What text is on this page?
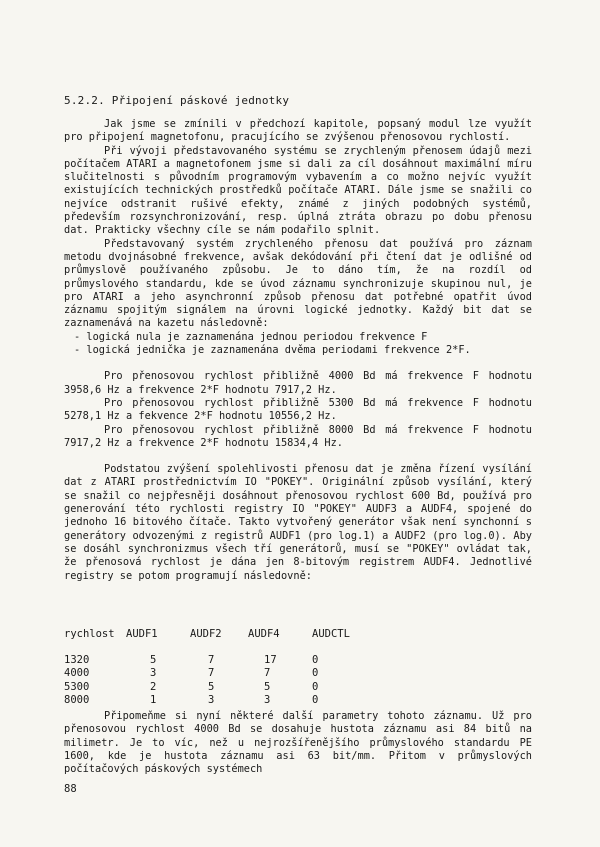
5.2.2. Připojení páskové jednotky

Jak jsme se zmínili v předchozí kapitole, popsaný modul lze využít pro připojení magnetofonu, pracujícího se zvýšenou přenosovou rychlostí.

Při vývoji představovaného systému se zrychleným přenosem údajů mezi počítačem ATARI a magnetofonem jsme si dali za cíl dosáhnout maximální míru slučitelnosti s původním programovým vybavením a co možno nejvíc využít existujících technických prostředků počítače ATARI. Dále jsme se snažili co nejvíce odstranit rušivé efekty, známé z jiných podobných systémů, především rozsynchronizování, resp. úplná ztráta obrazu po dobu přenosu dat. Prakticky všechny cíle se nám podařilo splnit.

Představovaný systém zrychleného přenosu dat používá pro záznam metodu dvojnásobné frekvence, avšak dekódování při čtení dat je odlišné od průmyslově používaného způsobu. Je to dáno tím, že na rozdíl od průmyslového standardu, kde se úvod záznamu synchronizuje skupinou nul, je pro ATARI a jeho asynchronní způsob přenosu dat potřebné opatřit úvod záznamu spojitým signálem na úrovni logické jednotky. Každý bit dat se zaznamenává na kazetu následovně:

- logická nula je zaznamenána jednou periodou frekvence F
- logická jednička je zaznamenána dvěma periodami frekvence 2*F.

Pro přenosovou rychlost přibližně 4000 Bd má frekvence F hodnotu 3958,6 Hz a frekvence 2*F hodnotu 7917,2 Hz.

Pro přenosovou rychlost přibližně 5300 Bd má frekvence F hodnotu 5278,1 Hz a fekvence 2*F hodnotu 10556,2 Hz.

Pro přenosovou rychlost přibližně 8000 Bd má frekvence F hodnotu 7917,2 Hz a frekvence 2*F hodnotu 15834,4 Hz.

Podstatou zvýšení spolehlivosti přenosu dat je změna řízení vysílání dat z ATARI prostřednictvím IO "POKEY". Originální způsob vysílání, který se snažil co nejpřesněji dosáhnout přenosovou rychlost 600 Bd, používá pro generování této rychlosti registry IO "POKEY" AUDF3 a AUDF4, spojené do jednoho 16 bitového čítače. Takto vytvořený generátor však není synchonní s generátory odvozenými z registrů AUDF1 (pro log.1) a AUDF2 (pro log.0). Aby se dosáhl synchronizmus všech tří generátorů, musí se "POKEY" ovládat tak, že přenosová rychlost je dána jen 8-bitovým registrem AUDF4. Jednotlivé registry se potom programují následovně:

rychlost	AUDF1	AUDF2	AUDF4	AUDCTL

1320	5	7	17	0
4000	3	7	7	0
5300	2	5	5	0
8000	1	3	3	0

Připomeňme si nyní některé další parametry tohoto záznamu. Už pro přenosovou rychlost 4000 Bd se dosahuje hustota záznamu asi 84 bitů na milimetr. Je to víc, než u nejrozšířenějšího průmyslového standardu PE 1600, kde je hustota záznamu asi 63 bit/mm. Přitom v průmyslových počítačových páskových systémech

88
